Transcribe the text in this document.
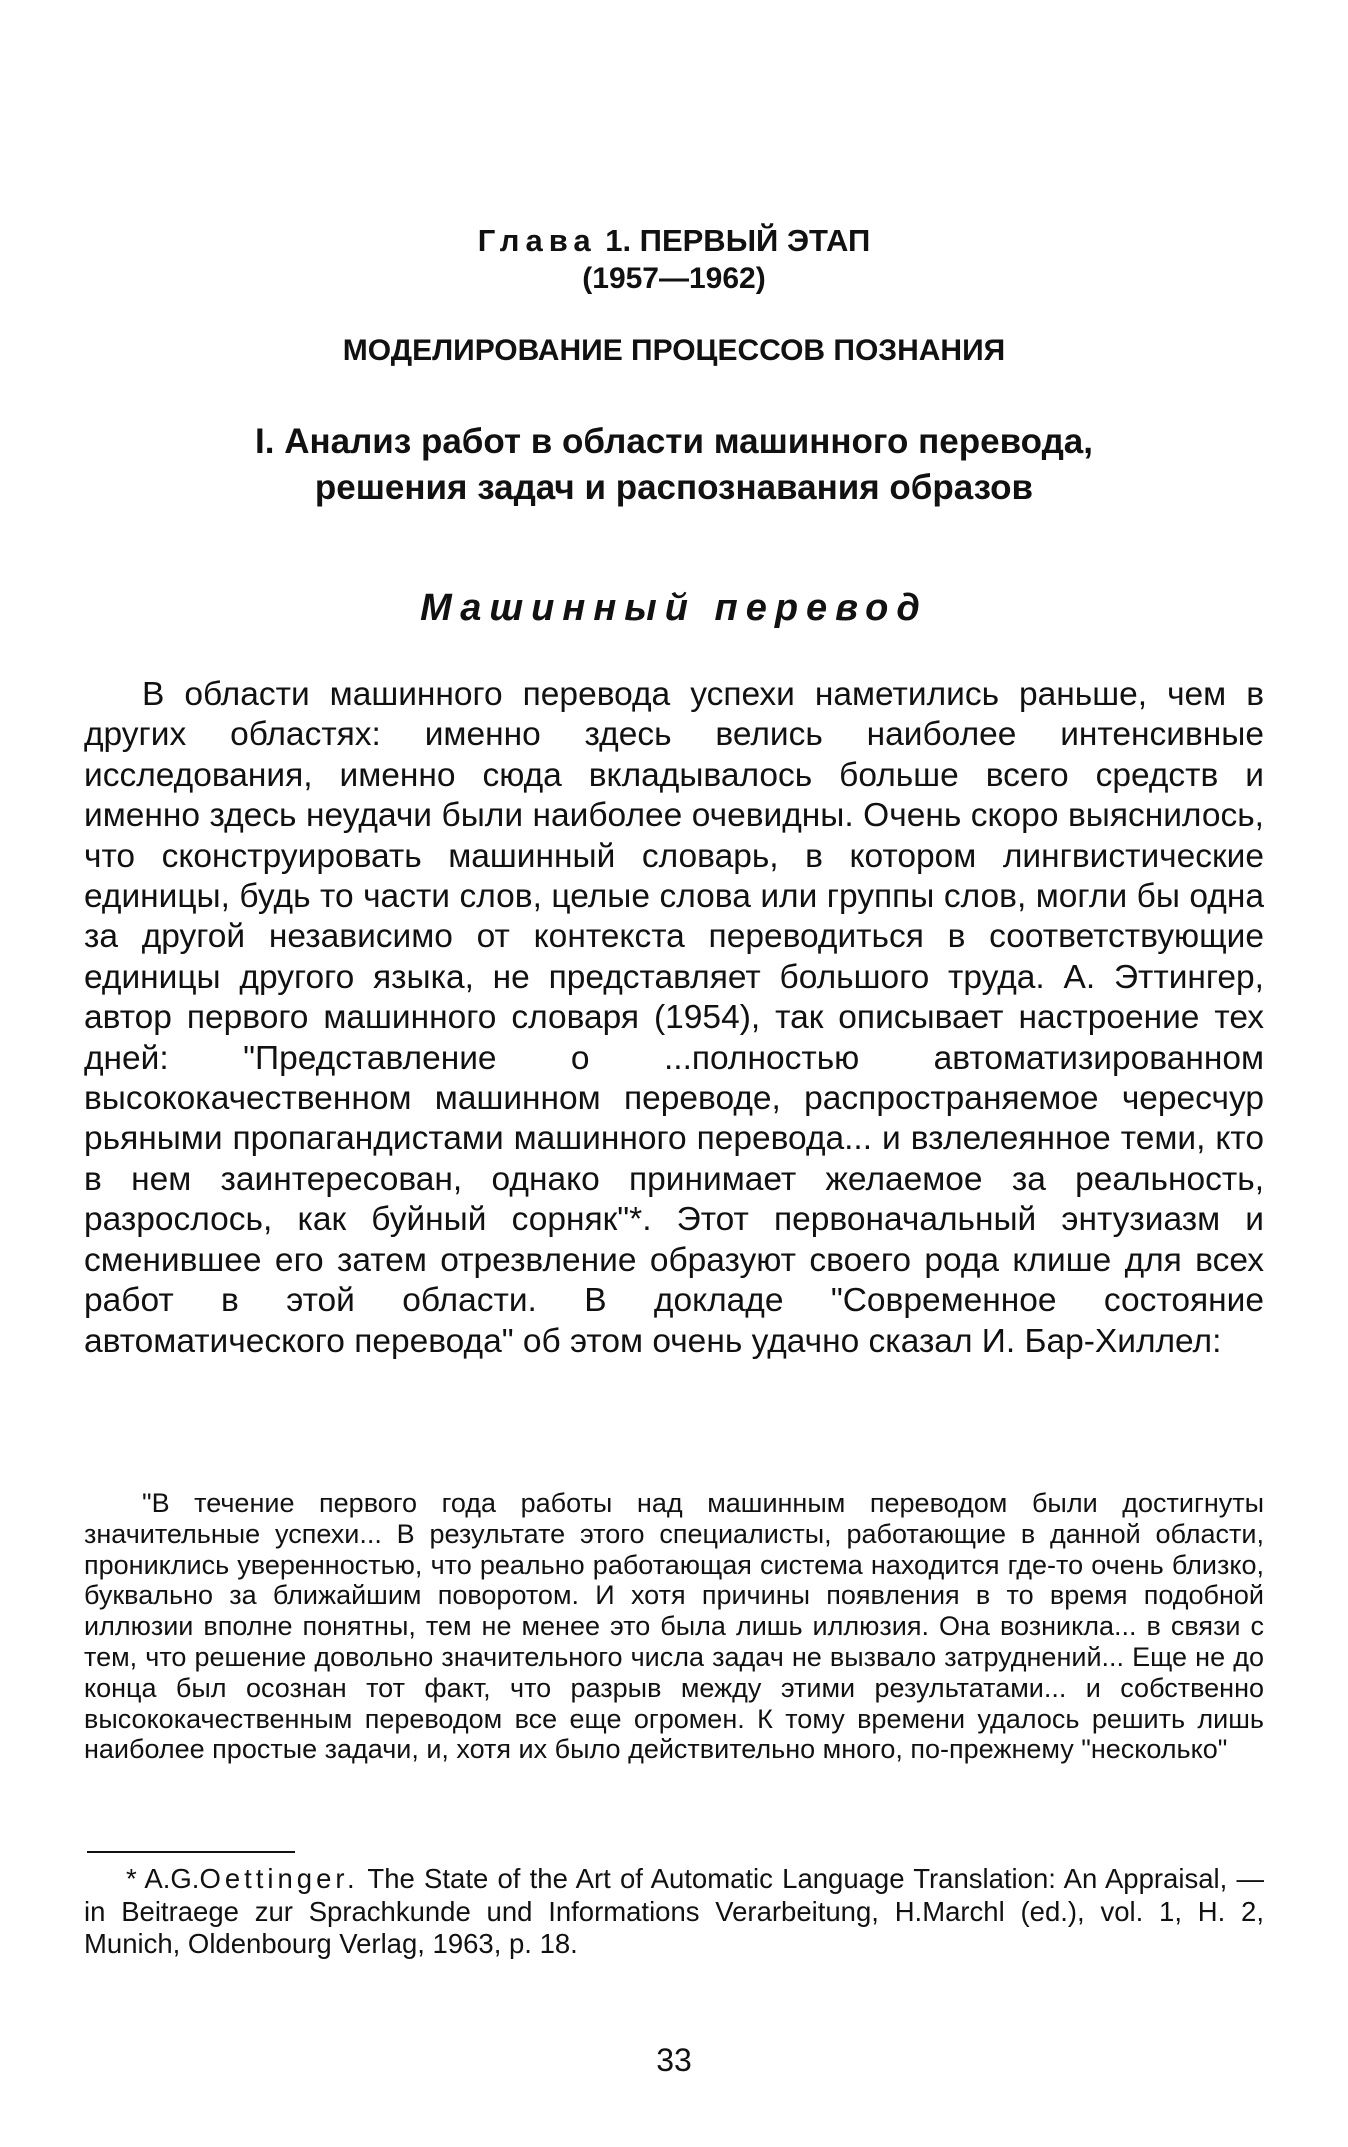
Глава 1. ПЕРВЫЙ ЭТАП
(1957—1962)
МОДЕЛИРОВАНИЕ ПРОЦЕССОВ ПОЗНАНИЯ
I. Анализ работ в области машинного перевода,
решения задач и распознавания образов
Машинный перевод

В области машинного перевода успехи наметились раньше, чем в других областях: именно здесь велись наиболее интенсивные исследования, именно сюда вкладывалось больше всего средств и именно здесь неудачи были наиболее очевидны. Очень скоро выяснилось, что сконструировать машинный словарь, в котором лингвистические единицы, будь то части слов, целые слова или группы слов, могли бы одна за другой независимо от контекста переводиться в соответствующие единицы другого языка, не представляет большого труда. А. Эттингер, автор первого машинного словаря (1954), так описывает настроение тех дней: "Представление о ...полностью автоматизированном высококачественном машинном переводе, распространяемое чересчур рьяными пропагандистами машинного перевода... и взлелеянное теми, кто в нем заинтересован, однако принимает желаемое за реальность, разрослось, как буйный сорняк"*. Этот первоначальный энтузиазм и сменившее его затем отрезвление образуют своего рода клише для всех работ в этой области. В докладе "Современное состояние автоматического перевода" об этом очень удачно сказал И. Бар-Хиллел:

"В течение первого года работы над машинным переводом были достигнуты значительные успехи... В результате этого специалисты, работающие в данной области, прониклись уверенностью, что реально работающая система находится где-то очень близко, буквально за ближайшим поворотом. И хотя причины появления в то время подобной иллюзии вполне понятны, тем не менее это была лишь иллюзия. Она возникла... в связи с тем, что решение довольно значительного числа задач не вызвало затруднений... Еще не до конца был осознан тот факт, что разрыв между этими результатами... и собственно высококачественным переводом все еще огромен. К тому времени удалось решить лишь наиболее простые задачи, и, хотя их было действительно много, по-прежнему "несколько"

* A.G.Oettinger. The State of the Art of Automatic Language Translation: An Appraisal, —in Beitraege zur Sprachkunde und Informations Verarbeitung, H.Marchl (ed.), vol. 1, H. 2, Munich, Oldenbourg Verlag, 1963, p. 18.

33
